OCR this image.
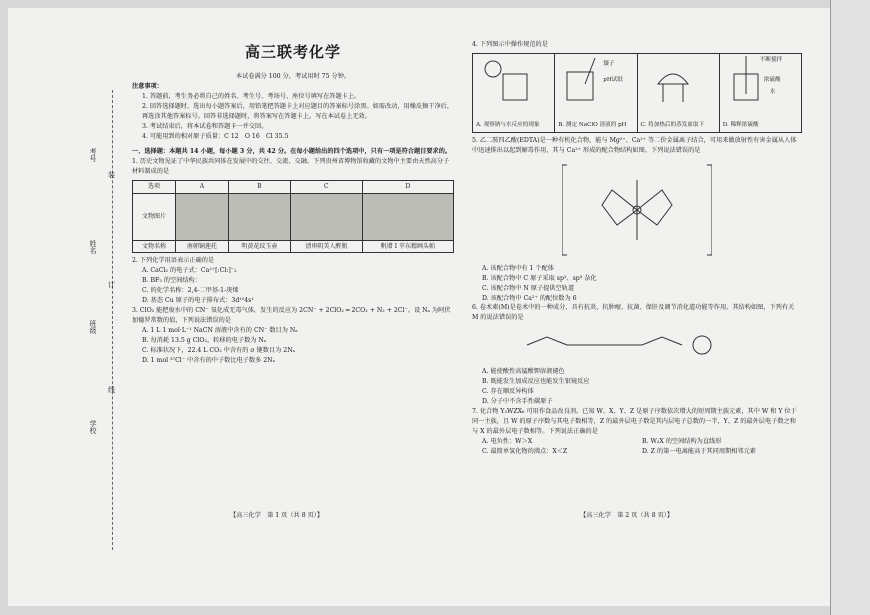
考号
姓名
班级
学校
装
订
线
高三联考化学

本试卷满分 100 分，考试用时 75 分钟。

注意事项：

1. 答题前，考生务必将自己的姓名、考生号、考场号、座位号填写在答题卡上。

2. 回答选择题时，选出每小题答案后，用铅笔把答题卡上对应题目的答案标号涂黑。如需改动，用橡皮擦干净后，再选涂其他答案标号。回答非选择题时，将答案写在答题卡上。写在本试卷上无效。

3. 考试结束后，将本试卷和答题卡一并交回。

4. 可能用到的相对原子质量：C 12　O 16　Cl 35.5

一、选择题：本题共 14 小题，每小题 3 分，共 42 分。在每小题给出的四个选项中，只有一项是符合题目要求的。

1. 历史文物见证了中华民族共同体在发展中的交往、交流、交融。下列贵州省博物馆收藏的文物中主要由天然高分子材料制成的是

选项	A	B	C	D
文物图片				
文物名称	南朝铜莲托	明黄花纹玉壶	清串阴美人醉瓶	帆增 Ⅰ 苹东精画头帕

2. 下列化学用语表示正确的是

A. CaCl₂ 的电子式：Ca²⁺[:Cl:]⁻₂

B. BF₃ 的空间结构：

C. 的化学名称：2,4-二甲基-1-庚烯

D. 基态 Cu 原子的电子排布式：3d¹⁰4s¹

3. ClO₂ 能把废水中的 CN⁻ 氧化成无毒气体，发生的反应为 2CN⁻ + 2ClO₂ ═ 2CO₂ + N₂ + 2Cl⁻。设 Nₐ 为阿伏加德罗常数的值，下列说法错误的是

A. 1 L 1 mol·L⁻¹ NaCN 溶液中含有的 CN⁻ 数目为 Nₐ

B. 每消耗 13.5 g ClO₂，转移的电子数为 Nₐ

C. 标准状况下，22.4 L CO₂ 中含有的 σ 键数目为 2Nₐ

D. 1 mol ³⁷Cl⁻ 中含有的中子数比电子数多 2Nₐ

【高三化学　第 1 页（共 8 页）】

4. 下列图示中操作规范的是

A. 观察钠与水反应的现象
镊子
pH试纸
B. 测定 NaClO 溶液的 pH	C. 将加热后的蒸发皿取下
不断搅拌
浓硫酸
水
D. 稀释浓硫酸

5. 乙二胺四乙酸(EDTA)是一种有机化合物，能与 Mg²⁺、Ca²⁺ 等二价金属离子结合，可用来做放射性有害金属从人体中迅速排出以起到解毒作用，其与 Ca²⁺ 形成的配合物结构如图。下列说法错误的是

A. 该配合物中有 1 个配体

B. 该配合物中 C 原子采取 sp²、sp³ 杂化

C. 该配合物中 N 原子提供空轨道

D. 该配合物中 Ca²⁺ 的配位数为 6

6. 卷术素(M)是卷术中的一种成分，具有抗炎、抗肿瘤、抗菌、保肝及调节消化道功能等作用。其结构如图，下列有关 M 的说法错误的是

A. 能使酸性高锰酸钾溶液褪色

B. 既能发生加成反应也能发生银镜反应

C. 存在顺反异构体

D. 分子中不含手性碳原子

7. 化合物 Y₃WZX₆ 可用作食品改良剂。已知 W、X、Y、Z 是原子序数依次增大的短周期主族元素，其中 W 和 Y 位于同一主族，且 W 的原子序数与其电子数相等，Z 的最外层电子数是其内层电子总数的一半，Y、Z 的最外层电子数之和与 X 的最外层电子数相等。下列说法正确的是

A. 电负性：W＞X	B. W₂X 的空间结构为直线形

C. 最简单氢化物的沸点：X＜Z	D. Z 的第一电离能高于其同周期相邻元素

【高三化学　第 2 页（共 8 页）】
